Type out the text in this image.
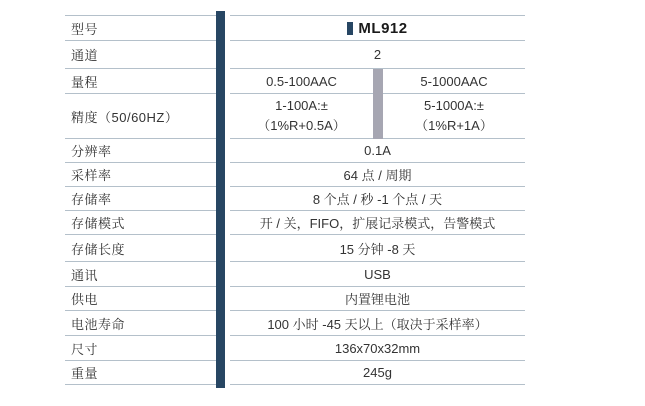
型号
通道
量程
精度（50/60HZ）
分辨率
采样率
存储率
存储模式
存储长度
通讯
供电
电池寿命
尺寸
重量
ML912
2
0.5-100AAC	5-1000AAC
1-100A:±
（1%R+0.5A）
5-1000A:±
（1%R+1A）
0.1A
64 点 / 周期
8 个点 / 秒 -1 个点 / 天
开 / 关，FIFO，扩展记录模式，告警模式
15 分钟 -8 天
USB
内置锂电池
100 小时 -45 天以上（取决于采样率）
136x70x32mm
245g
